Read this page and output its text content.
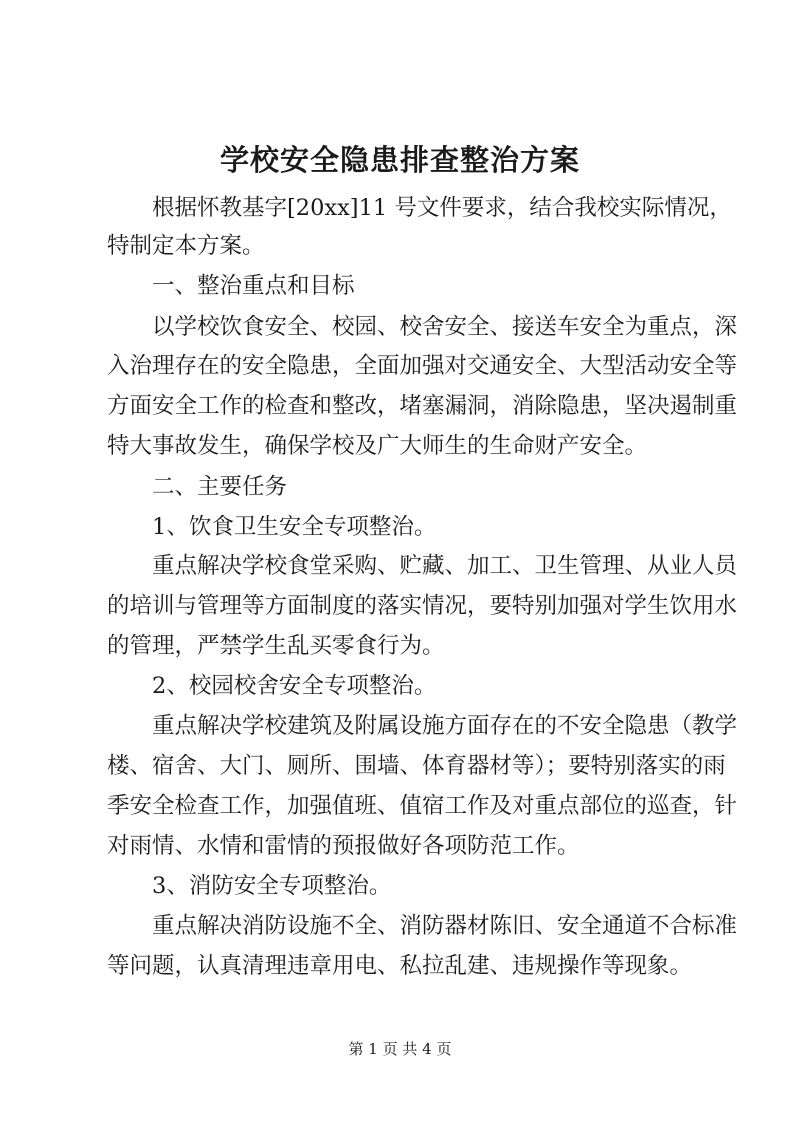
学校安全隐患排查整治方案
根据怀教基字[20xx]11 号文件要求，结合我校实际情况，
特制定本方案。
一、整治重点和目标
以学校饮食安全、校园、校舍安全、接送车安全为重点，深
入治理存在的安全隐患，全面加强对交通安全、大型活动安全等
方面安全工作的检查和整改，堵塞漏洞，消除隐患，坚决遏制重
特大事故发生，确保学校及广大师生的生命财产安全。
二、主要任务
1、饮食卫生安全专项整治。
重点解决学校食堂采购、贮藏、加工、卫生管理、从业人员
的培训与管理等方面制度的落实情况，要特别加强对学生饮用水
的管理，严禁学生乱买零食行为。
2、校园校舍安全专项整治。
重点解决学校建筑及附属设施方面存在的不安全隐患（教学
楼、宿舍、大门、厕所、围墙、体育器材等）；要特别落实的雨
季安全检查工作，加强值班、值宿工作及对重点部位的巡查，针
对雨情、水情和雷情的预报做好各项防范工作。
3、消防安全专项整治。
重点解决消防设施不全、消防器材陈旧、安全通道不合标准
等问题，认真清理违章用电、私拉乱建、违规操作等现象。
第 1 页 共 4 页
